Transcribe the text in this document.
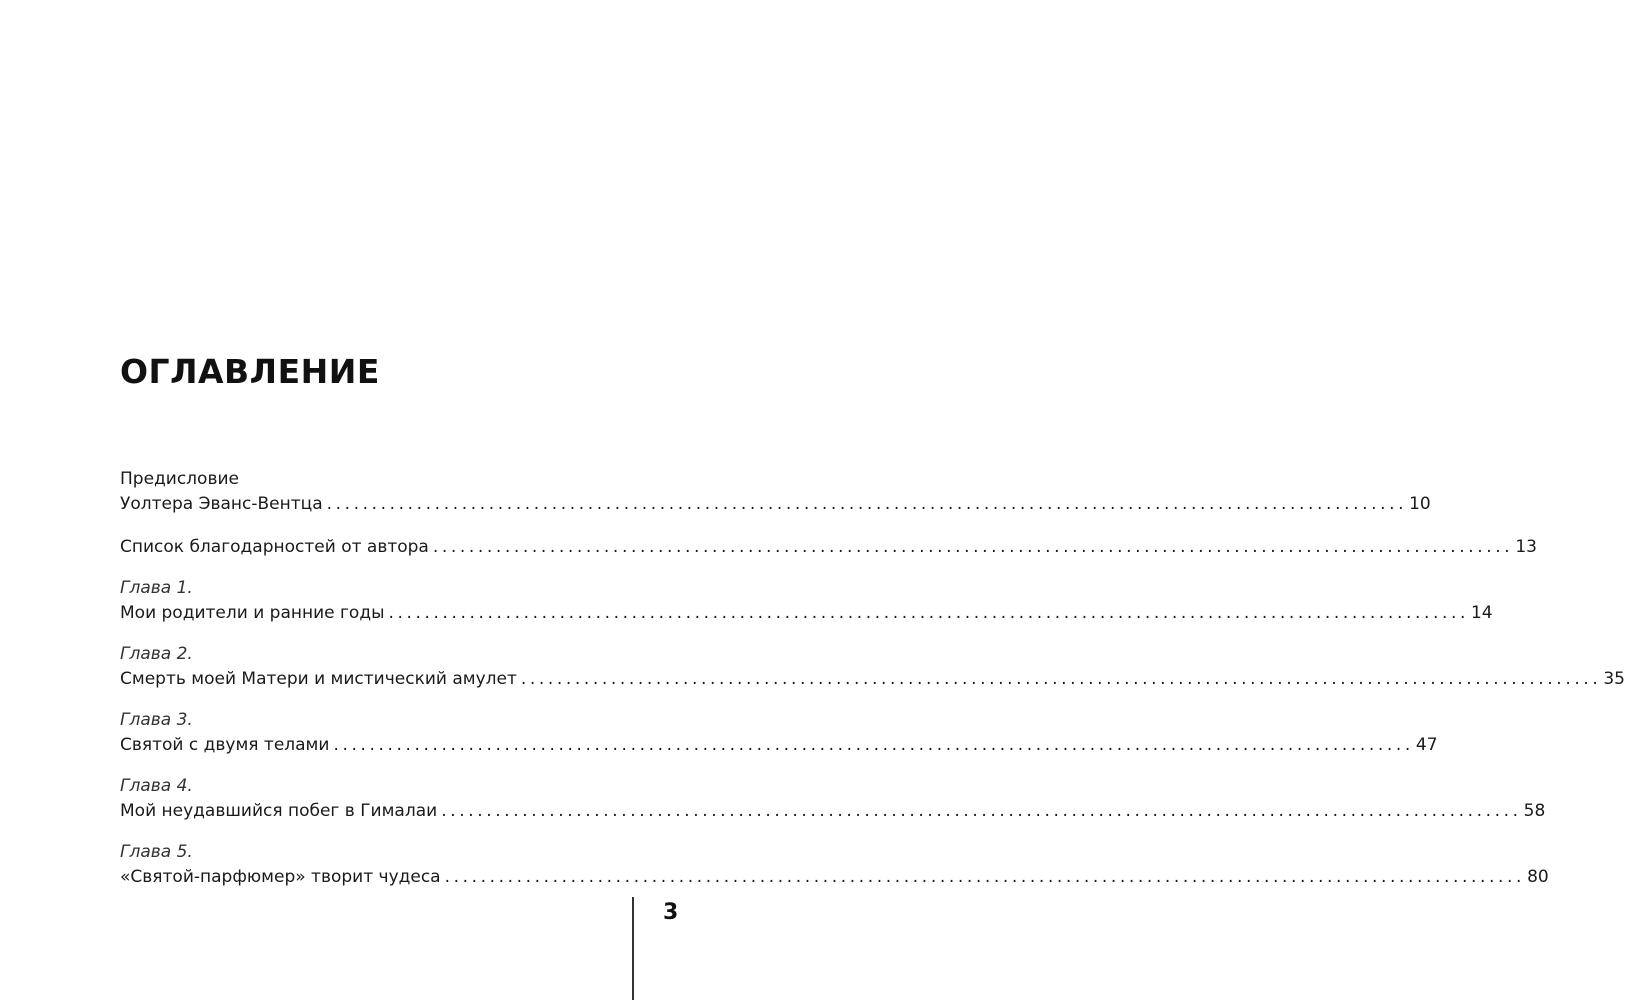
ОГЛАВЛЕНИЕ
Предисловие
Уолтера Эванс-Вентца ........................................................................................................................ 10
Список благодарностей от автора ........................................................................................................................ 13
Глава 1.
Мои родители и ранние годы ........................................................................................................................ 14
Глава 2.
Смерть моей Матери и мистический амулет ........................................................................................................................ 35
Глава 3.
Святой с двумя телами ........................................................................................................................ 47
Глава 4.
Мой неудавшийся побег в Гималаи ........................................................................................................................ 58
Глава 5.
«Святой-парфюмер» творит чудеса ........................................................................................................................ 80
3
